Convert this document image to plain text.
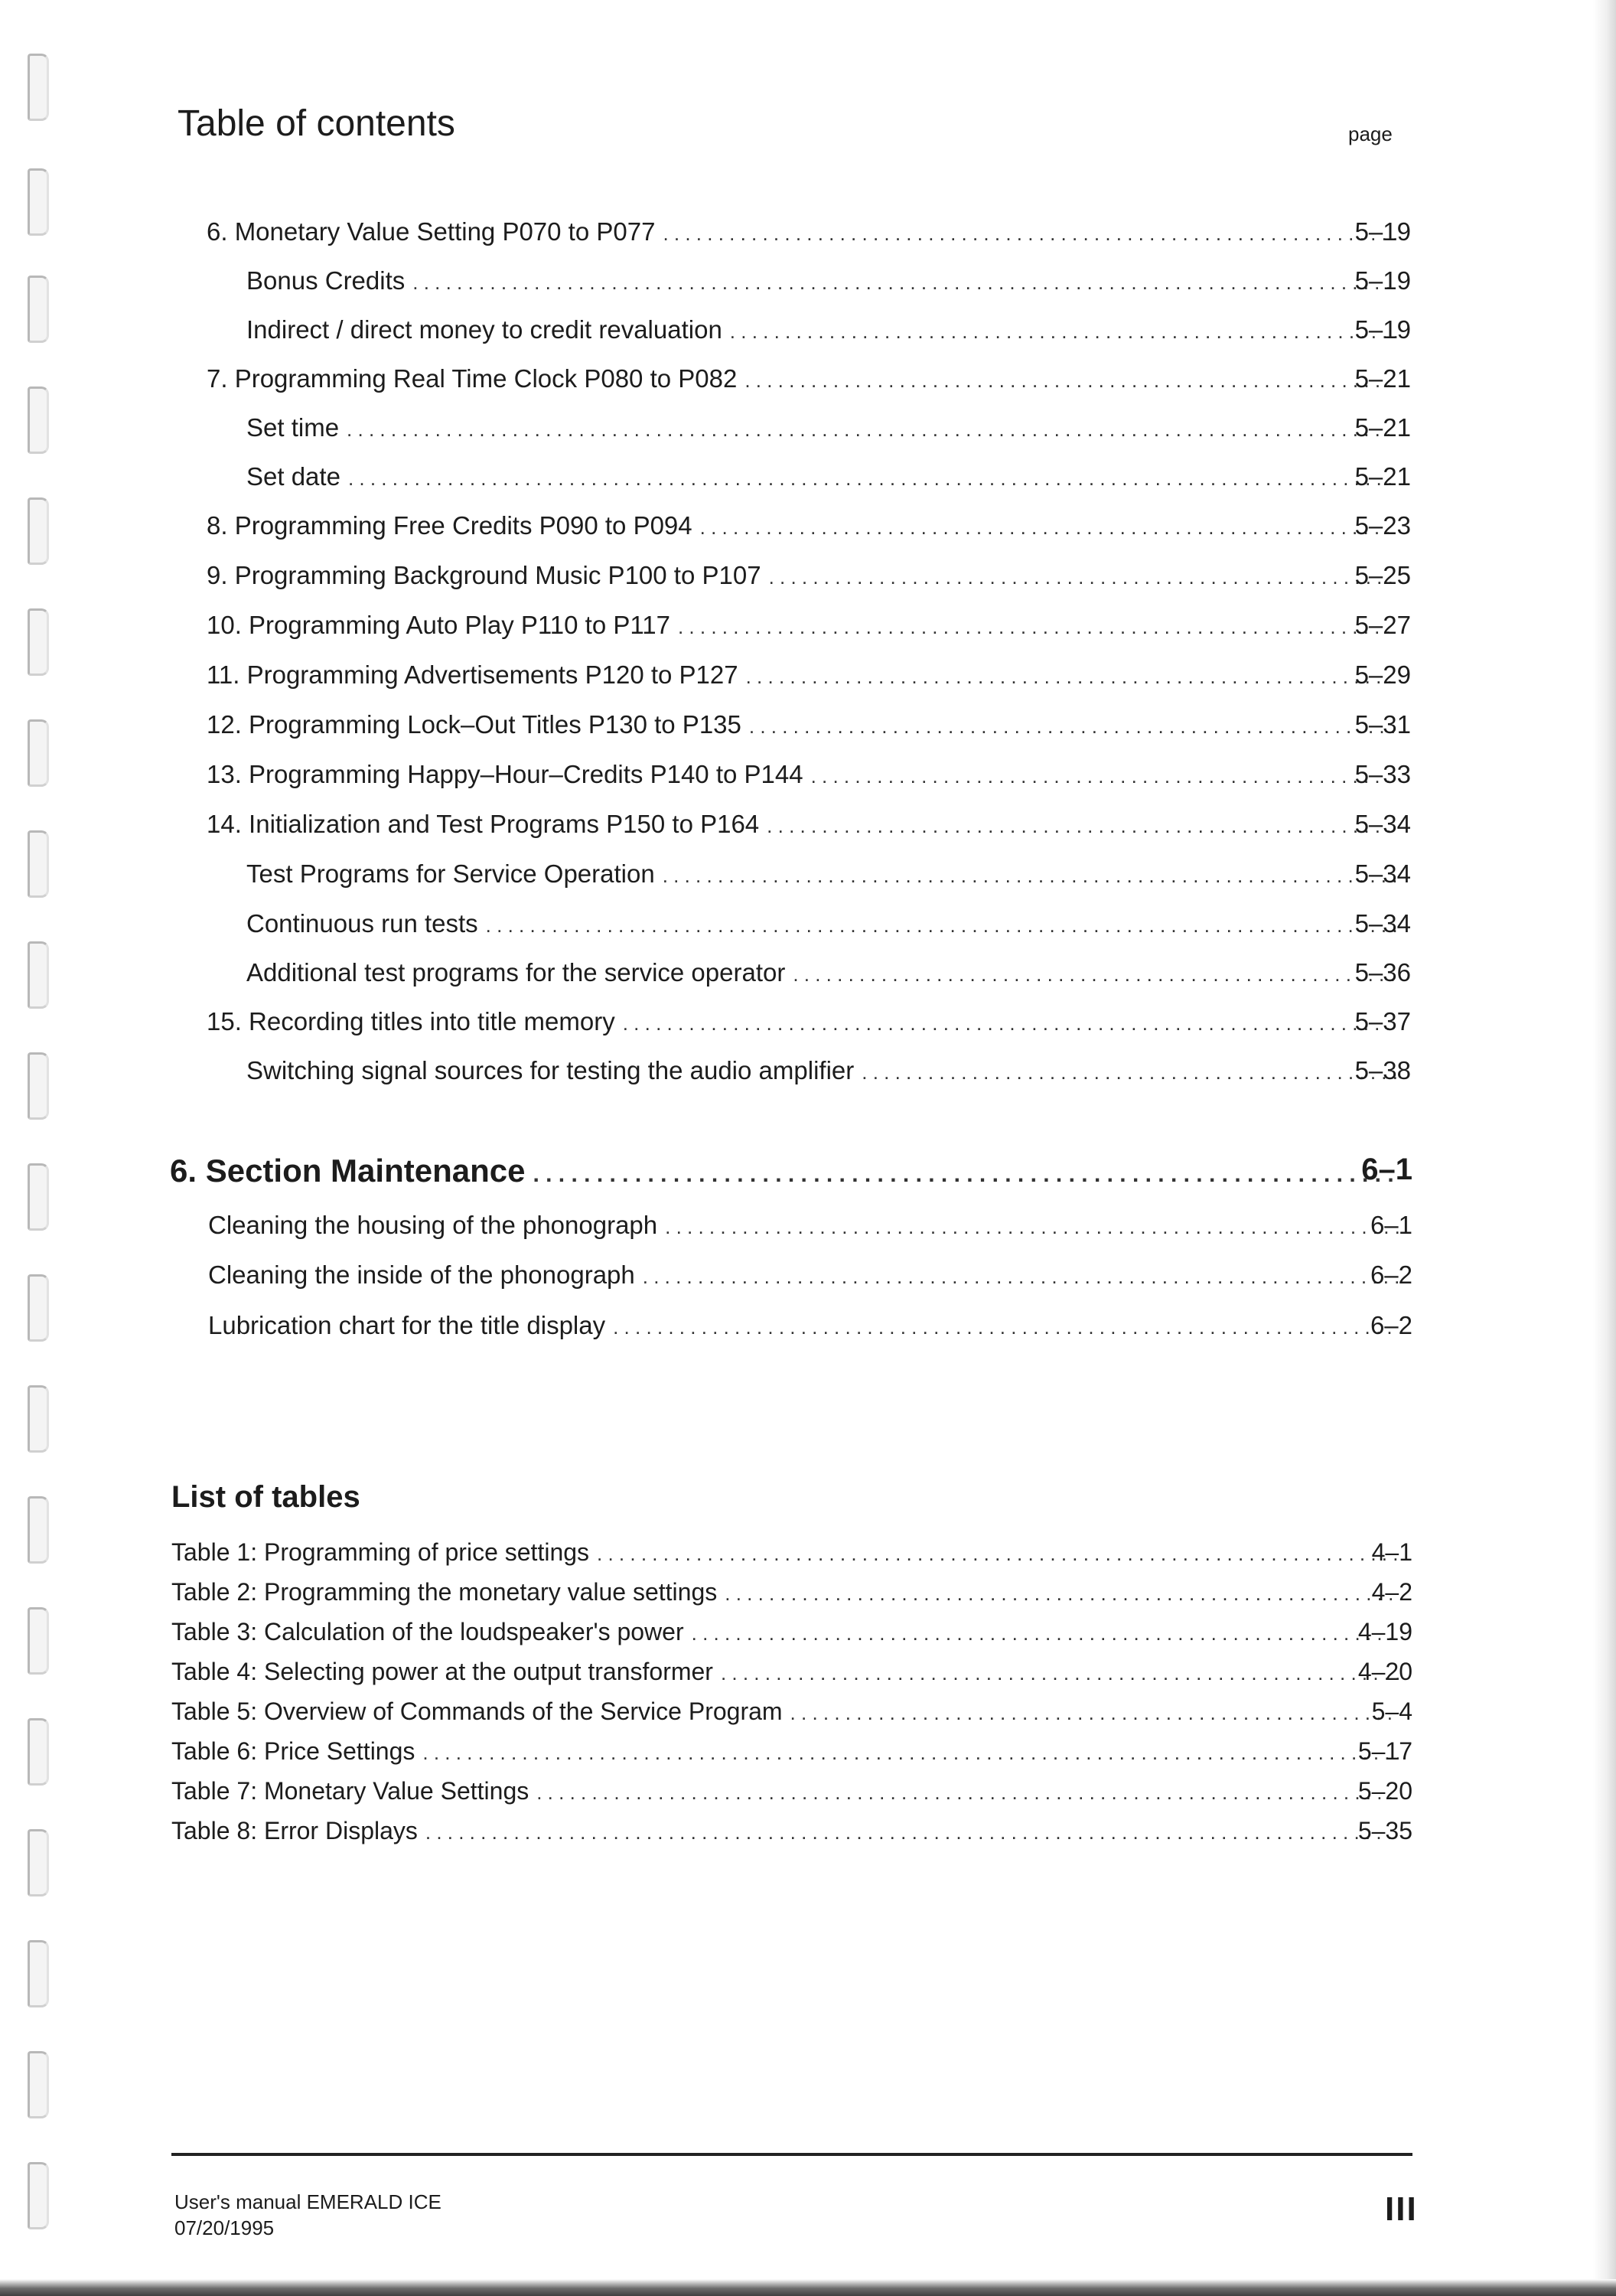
Table of contents	page
6. Monetary Value Setting P070 to P077 . . .	5–19
Bonus Credits . . .	5–19
Indirect / direct money to credit revaluation . . .	5–19
7. Programming Real Time Clock P080 to P082 . . .	5–21
Set time . . .	5–21
Set date . . .	5–21
8. Programming Free Credits P090 to P094 . . .	5–23
9. Programming Background Music P100 to P107 . . .	5–25
10. Programming Auto Play P110 to P117 . . .	5–27
11. Programming Advertisements P120 to P127 . . .	5–29
12. Programming Lock–Out Titles P130 to P135 . . .	5–31
13. Programming Happy–Hour–Credits P140 to P144 . . .	5–33
14. Initialization and Test Programs P150 to P164 . . .	5–34
Test Programs for Service Operation . . .	5–34
Continuous run tests . . .	5–34
Additional test programs for the service operator . . .	5–36
15. Recording titles into title memory . . .	5–37
Switching signal sources for testing the audio amplifier . . .	5–38
6. Section Maintenance . . .	6–1
Cleaning the housing of the phonograph . . .	6–1
Cleaning the inside of the phonograph . . .	6–2
Lubrication chart for the title display . . .	6–2
List of tables
Table 1: Programming of price settings . . .	4–1
Table 2: Programming the monetary value settings . . .	4–2
Table 3: Calculation of the loudspeaker's power . . .	4–19
Table 4: Selecting power at the output transformer . . .	4–20
Table 5: Overview of Commands of the Service Program . . .	5–4
Table 6: Price Settings . . .	5–17
Table 7: Monetary Value Settings . . .	5–20
Table 8: Error Displays . . .	5–35
User's manual EMERALD ICE
07/20/1995	III
